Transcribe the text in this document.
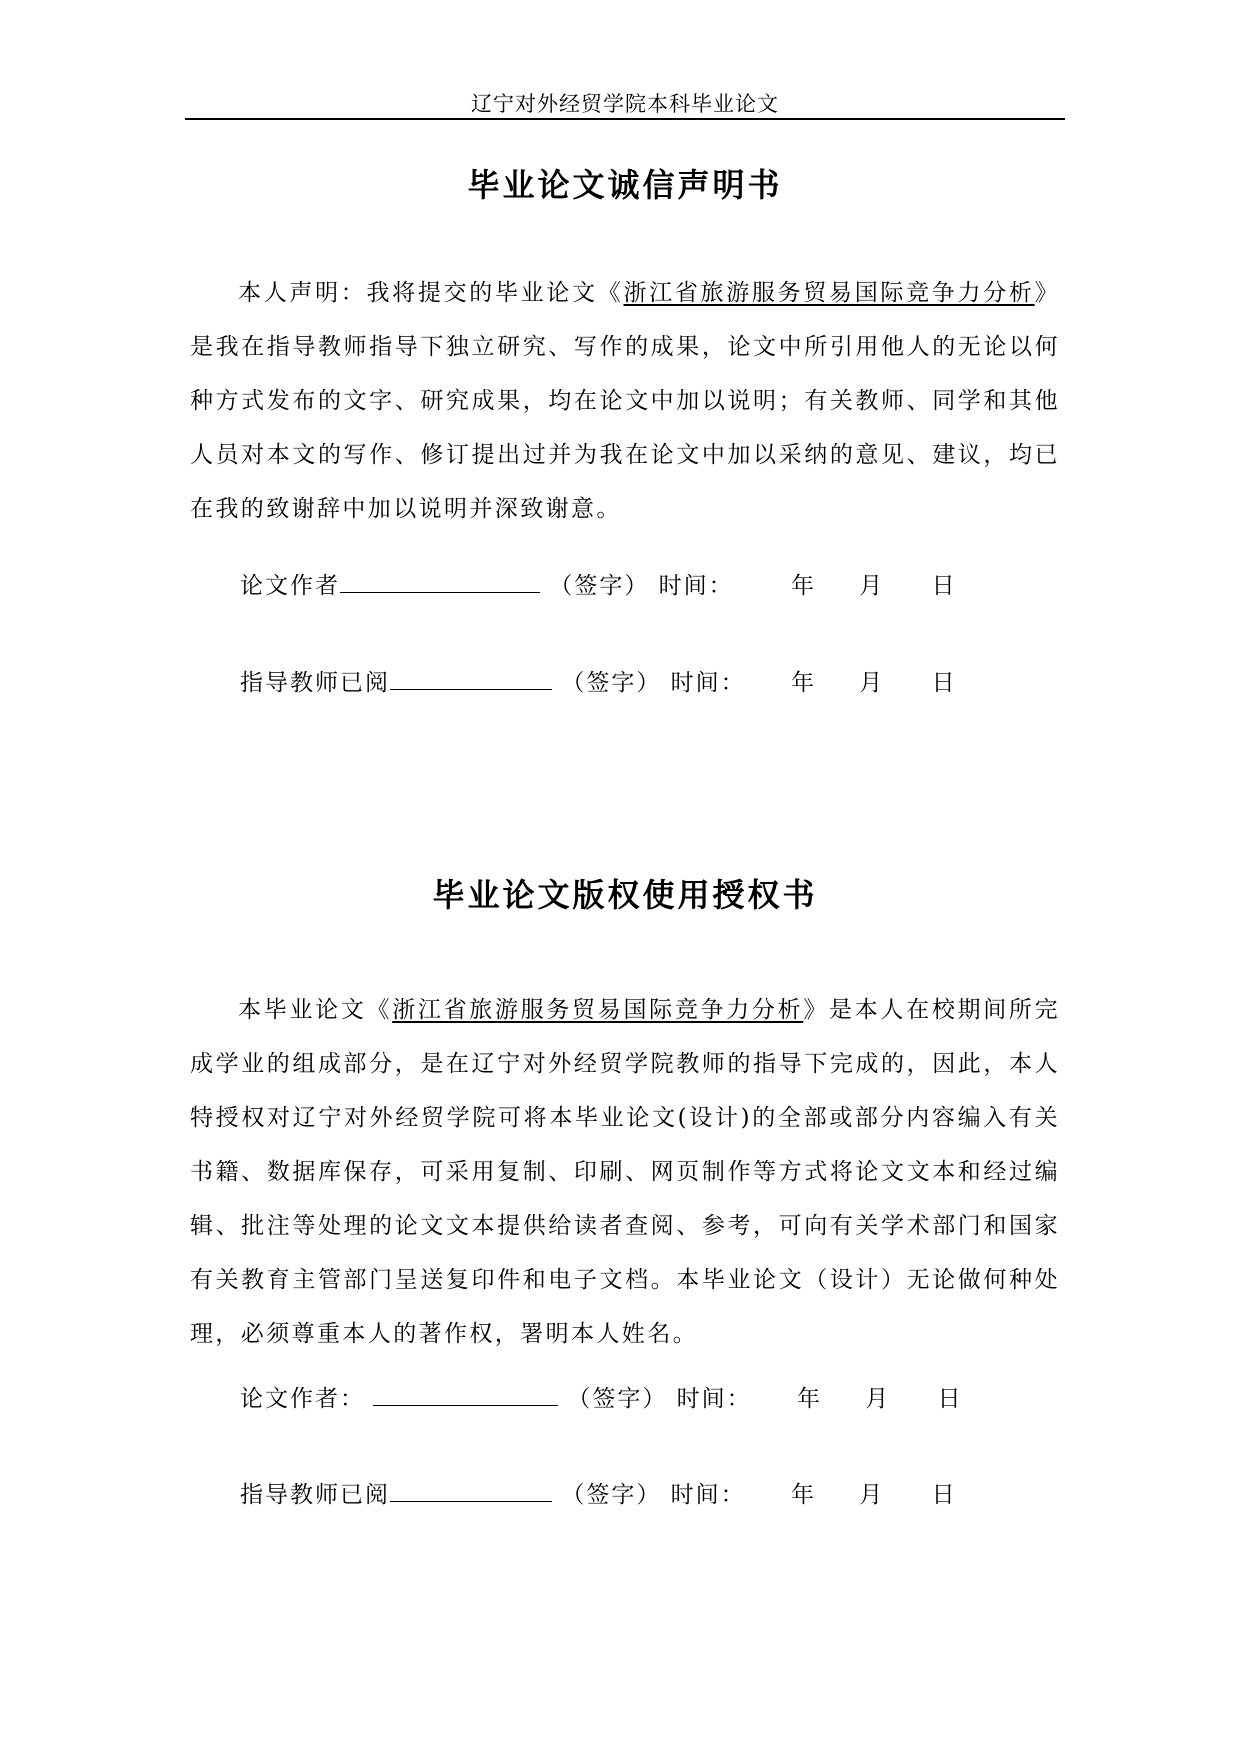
辽宁对外经贸学院本科毕业论文
毕业论文诚信声明书
本人声明：我将提交的毕业论文《浙江省旅游服务贸易国际竞争力分析》是我在指导教师指导下独立研究、写作的成果，论文中所引用他人的无论以何种方式发布的文字、研究成果，均在论文中加以说明；有关教师、同学和其他人员对本文的写作、修订提出过并为我在论文中加以采纳的意见、建议，均已在我的致谢辞中加以说明并深致谢意。
论文作者	（签字） 时间： 年 月 日
指导教师已阅	（签字） 时间： 年 月 日
毕业论文版权使用授权书
本毕业论文《浙江省旅游服务贸易国际竞争力分析》是本人在校期间所完成学业的组成部分，是在辽宁对外经贸学院教师的指导下完成的，因此，本人特授权对辽宁对外经贸学院可将本毕业论文(设计)的全部或部分内容编入有关书籍、数据库保存，可采用复制、印刷、网页制作等方式将论文文本和经过编辑、批注等处理的论文文本提供给读者查阅、参考，可向有关学术部门和国家有关教育主管部门呈送复印件和电子文档。本毕业论文（设计）无论做何种处理，必须尊重本人的著作权，署明本人姓名。
论文作者：	（签字） 时间： 年 月 日
指导教师已阅	（签字） 时间： 年 月 日
